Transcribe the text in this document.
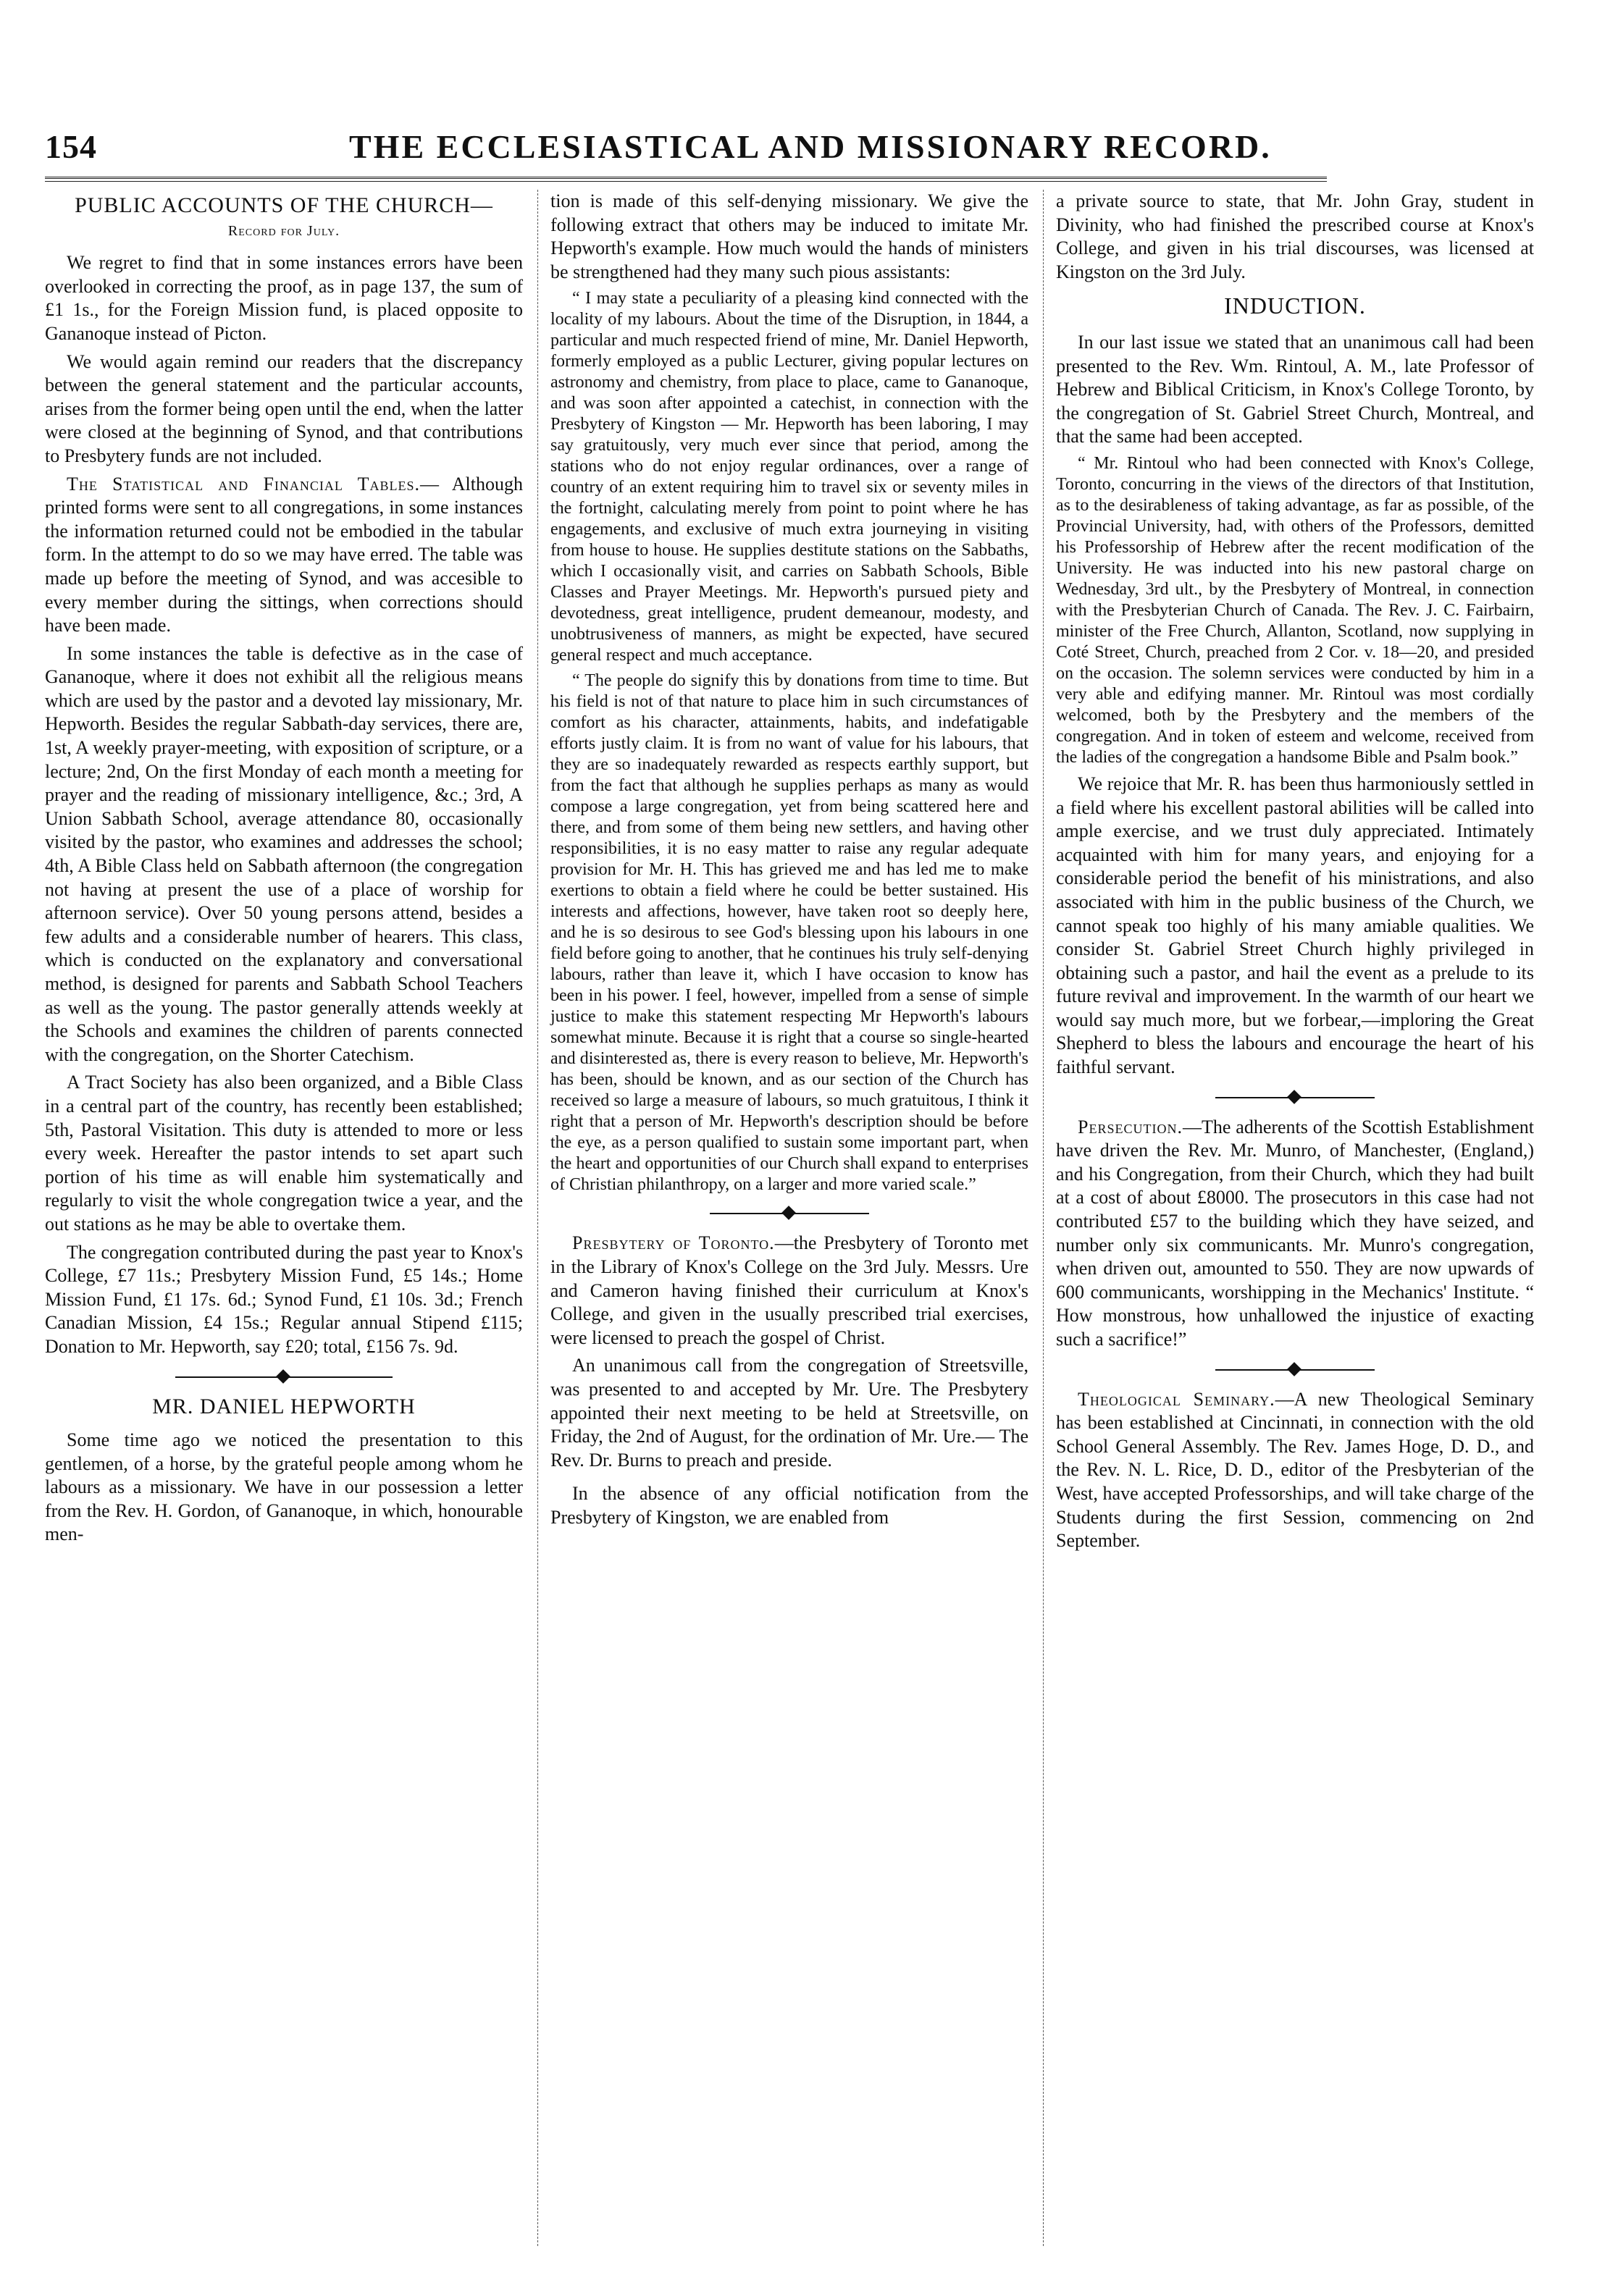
154	THE ECCLESIASTICAL AND MISSIONARY RECORD.
PUBLIC ACCOUNTS OF THE CHURCH—
Record for July.

We regret to find that in some instances errors have been overlooked in correcting the proof, as in page 137, the sum of £1 1s., for the Foreign Mission fund, is placed opposite to Gananoque instead of Picton.

We would again remind our readers that the discrepancy between the general statement and the particular accounts, arises from the former being open until the end, when the latter were closed at the beginning of Synod, and that contributions to Presbytery funds are not included.

The Statistical and Financial Tables.— Although printed forms were sent to all congregations, in some instances the information returned could not be embodied in the tabular form. In the attempt to do so we may have erred. The table was made up before the meeting of Synod, and was accesible to every member during the sittings, when corrections should have been made.

In some instances the table is defective as in the case of Gananoque, where it does not exhibit all the religious means which are used by the pastor and a devoted lay missionary, Mr. Hepworth. Besides the regular Sabbath-day services, there are, 1st, A weekly prayer-meeting, with exposition of scripture, or a lecture; 2nd, On the first Monday of each month a meeting for prayer and the reading of missionary intelligence, &c.; 3rd, A Union Sabbath School, average attendance 80, occasionally visited by the pastor, who examines and addresses the school; 4th, A Bible Class held on Sabbath afternoon (the congregation not having at present the use of a place of worship for afternoon service). Over 50 young persons attend, besides a few adults and a considerable number of hearers. This class, which is conducted on the explanatory and conversational method, is designed for parents and Sabbath School Teachers as well as the young. The pastor generally attends weekly at the Schools and examines the children of parents connected with the congregation, on the Shorter Catechism.

A Tract Society has also been organized, and a Bible Class in a central part of the country, has recently been established; 5th, Pastoral Visitation. This duty is attended to more or less every week. Hereafter the pastor intends to set apart such portion of his time as will enable him systematically and regularly to visit the whole congregation twice a year, and the out stations as he may be able to overtake them.

The congregation contributed during the past year to Knox's College, £7 11s.; Presbytery Mission Fund, £5 14s.; Home Mission Fund, £1 17s. 6d.; Synod Fund, £1 10s. 3d.; French Canadian Mission, £4 15s.; Regular annual Stipend £115; Donation to Mr. Hepworth, say £20; total, £156 7s. 9d.

MR. DANIEL HEPWORTH

Some time ago we noticed the presentation to this gentlemen, of a horse, by the grateful people among whom he labours as a missionary. We have in our possession a letter from the Rev. H. Gordon, of Gananoque, in which, honourable men-

tion is made of this self-denying missionary. We give the following extract that others may be induced to imitate Mr. Hepworth's example. How much would the hands of ministers be strengthened had they many such pious assistants:

“ I may state a peculiarity of a pleasing kind connected with the locality of my labours. About the time of the Disruption, in 1844, a particular and much respected friend of mine, Mr. Daniel Hepworth, formerly employed as a public Lecturer, giving popular lectures on astronomy and chemistry, from place to place, came to Gananoque, and was soon after appointed a catechist, in connection with the Presbytery of Kingston — Mr. Hepworth has been laboring, I may say gratuitously, very much ever since that period, among the stations who do not enjoy regular ordinances, over a range of country of an extent requiring him to travel six or seventy miles in the fortnight, calculating merely from point to point where he has engagements, and exclusive of much extra journeying in visiting from house to house. He supplies destitute stations on the Sabbaths, which I occasionally visit, and carries on Sabbath Schools, Bible Classes and Prayer Meetings. Mr. Hepworth's pursued piety and devotedness, great intelligence, prudent demeanour, modesty, and unobtrusiveness of manners, as might be expected, have secured general respect and much acceptance.

“ The people do signify this by donations from time to time. But his field is not of that nature to place him in such circumstances of comfort as his character, attainments, habits, and indefatigable efforts justly claim. It is from no want of value for his labours, that they are so inadequately rewarded as respects earthly support, but from the fact that although he supplies perhaps as many as would compose a large congregation, yet from being scattered here and there, and from some of them being new settlers, and having other responsibilities, it is no easy matter to raise any regular adequate provision for Mr. H. This has grieved me and has led me to make exertions to obtain a field where he could be better sustained. His interests and affections, however, have taken root so deeply here, and he is so desirous to see God's blessing upon his labours in one field before going to another, that he continues his truly self-denying labours, rather than leave it, which I have occasion to know has been in his power. I feel, however, impelled from a sense of simple justice to make this statement respecting Mr Hepworth's labours somewhat minute. Because it is right that a course so single-hearted and disinterested as, there is every reason to believe, Mr. Hepworth's has been, should be known, and as our section of the Church has received so large a measure of labours, so much gratuitous, I think it right that a person of Mr. Hepworth's description should be before the eye, as a person qualified to sustain some important part, when the heart and opportunities of our Church shall expand to enterprises of Christian philanthropy, on a larger and more varied scale.”

Presbytery of Toronto.—the Presbytery of Toronto met in the Library of Knox's College on the 3rd July. Messrs. Ure and Cameron having finished their curriculum at Knox's College, and given in the usually prescribed trial exercises, were licensed to preach the gospel of Christ.

An unanimous call from the congregation of Streetsville, was presented to and accepted by Mr. Ure. The Presbytery appointed their next meeting to be held at Streetsville, on Friday, the 2nd of August, for the ordination of Mr. Ure.— The Rev. Dr. Burns to preach and preside.

In the absence of any official notification from the Presbytery of Kingston, we are enabled from

a private source to state, that Mr. John Gray, student in Divinity, who had finished the prescribed course at Knox's College, and given in his trial discourses, was licensed at Kingston on the 3rd July.

INDUCTION.

In our last issue we stated that an unanimous call had been presented to the Rev. Wm. Rintoul, A. M., late Professor of Hebrew and Biblical Criticism, in Knox's College Toronto, by the congregation of St. Gabriel Street Church, Montreal, and that the same had been accepted.

“ Mr. Rintoul who had been connected with Knox's College, Toronto, concurring in the views of the directors of that Institution, as to the desirableness of taking advantage, as far as possible, of the Provincial University, had, with others of the Professors, demitted his Professorship of Hebrew after the recent modification of the University. He was inducted into his new pastoral charge on Wednesday, 3rd ult., by the Presbytery of Montreal, in connection with the Presbyterian Church of Canada. The Rev. J. C. Fairbairn, minister of the Free Church, Allanton, Scotland, now supplying in Coté Street, Church, preached from 2 Cor. v. 18—20, and presided on the occasion. The solemn services were conducted by him in a very able and edifying manner. Mr. Rintoul was most cordially welcomed, both by the Presbytery and the members of the congregation. And in token of esteem and welcome, received from the ladies of the congregation a handsome Bible and Psalm book.”

We rejoice that Mr. R. has been thus harmoniously settled in a field where his excellent pastoral abilities will be called into ample exercise, and we trust duly appreciated. Intimately acquainted with him for many years, and enjoying for a considerable period the benefit of his ministrations, and also associated with him in the public business of the Church, we cannot speak too highly of his many amiable qualities. We consider St. Gabriel Street Church highly privileged in obtaining such a pastor, and hail the event as a prelude to its future revival and improvement. In the warmth of our heart we would say much more, but we forbear,—imploring the Great Shepherd to bless the labours and encourage the heart of his faithful servant.

Persecution.—The adherents of the Scottish Establishment have driven the Rev. Mr. Munro, of Manchester, (England,) and his Congregation, from their Church, which they had built at a cost of about £8000. The prosecutors in this case had not contributed £57 to the building which they have seized, and number only six communicants. Mr. Munro's congregation, when driven out, amounted to 550. They are now upwards of 600 communicants, worshipping in the Mechanics' Institute. “ How monstrous, how unhallowed the injustice of exacting such a sacrifice!”

Theological Seminary.—A new Theological Seminary has been established at Cincinnati, in connection with the old School General Assembly. The Rev. James Hoge, D. D., and the Rev. N. L. Rice, D. D., editor of the Presbyterian of the West, have accepted Professorships, and will take charge of the Students during the first Session, commencing on 2nd September.
